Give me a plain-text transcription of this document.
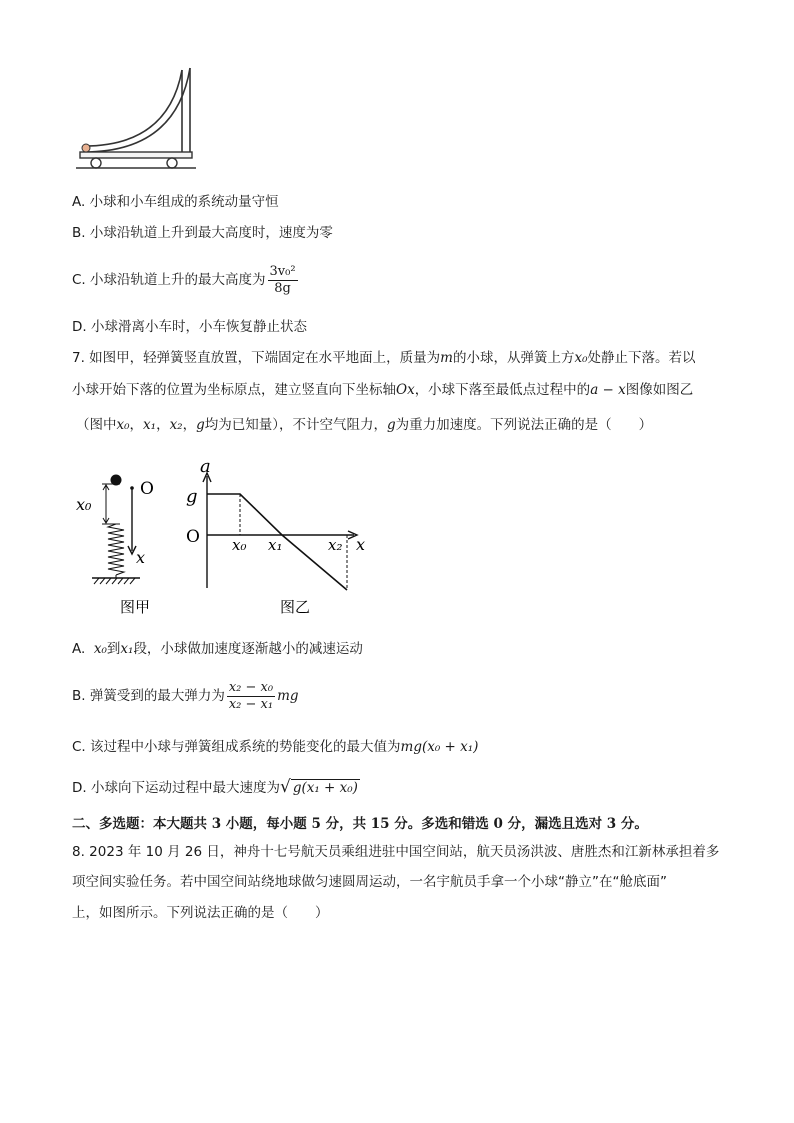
A. 小球和小车组成的系统动量守恒
B. 小球沿轨道上升到最大高度时，速度为零
C. 小球沿轨道上升的最大高度为 $\frac{\text{3v₀²}}{8g}$
D. 小球滑离小车时，小车恢复静止状态
7. 如图甲，轻弹簧竖直放置，下端固定在水平地面上，质量为m的小球，从弹簧上方x₀处静止下落。若以
小球开始下落的位置为坐标原点，建立竖直向下坐标轴Ox，小球下落至最低点过程中的a − x图像如图乙
（图中x₀，x₁，x₂，g均为已知量），不计空气阻力，g为重力加速度。下列说法正确的是（　　）
O
x
x₀
图甲
a
g
O x₀ x₁	x₂ x
图乙
A.  x₀到x₁段，小球做加速度逐渐越小的减速运动
B. 弹簧受到的最大弹力为 $\frac{\text{x₂ − x₀}}{\text{x₂ − x₁}}$ mg
C. 该过程中小球与弹簧组成系统的势能变化的最大值为mg(x₀ + x₁)
D. 小球向下运动过程中最大速度为√ g(x₁ + x₀)
二、多选题：本大题共 3 小题，每小题 5 分，共 15 分。多选和错选 0 分，漏选且选对 3 分。
8. 2023 年 10 月 26 日，神舟十七号航天员乘组进驻中国空间站，航天员汤洪波、唐胜杰和江新林承担着多
项空间实验任务。若中国空间站绕地球做匀速圆周运动，一名宇航员手拿一个小球“静立”在“舱底面”
上，如图所示。下列说法正确的是（　　）
